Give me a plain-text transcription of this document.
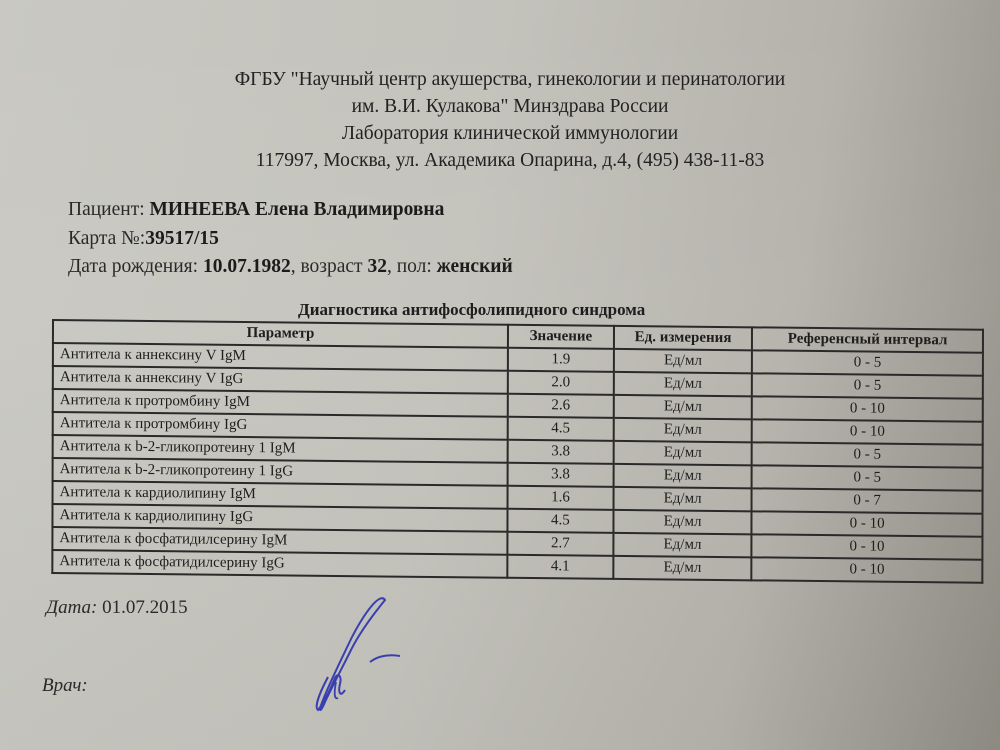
ФГБУ "Научный центр акушерства, гинекологии и перинатологии
им. В.И. Кулакова" Минздрава России
Лаборатория клинической иммунологии
117997, Москва, ул. Академика Опарина, д.4, (495) 438-11-83
Пациент: МИНЕЕВА Елена Владимировна
Карта №:39517/15
Дата рождения: 10.07.1982, возраст 32, пол: женский
Диагностика антифосфолипидного синдрома
Параметр	Значение	Ед. измерения	Референсный интервал
Антитела к аннексину V IgM	1.9	Ед/мл	0 - 5
Антитела к аннексину V IgG	2.0	Ед/мл	0 - 5
Антитела к протромбину IgM	2.6	Ед/мл	0 - 10
Антитела к протромбину IgG	4.5	Ед/мл	0 - 10
Антитела к b-2-гликопротеину 1 IgM	3.8	Ед/мл	0 - 5
Антитела к b-2-гликопротеину 1 IgG	3.8	Ед/мл	0 - 5
Антитела к кардиолипину IgM	1.6	Ед/мл	0 - 7
Антитела к кардиолипину IgG	4.5	Ед/мл	0 - 10
Антитела к фосфатидилсерину IgM	2.7	Ед/мл	0 - 10
Антитела к фосфатидилсерину IgG	4.1	Ед/мл	0 - 10
Дата: 01.07.2015
Врач:
